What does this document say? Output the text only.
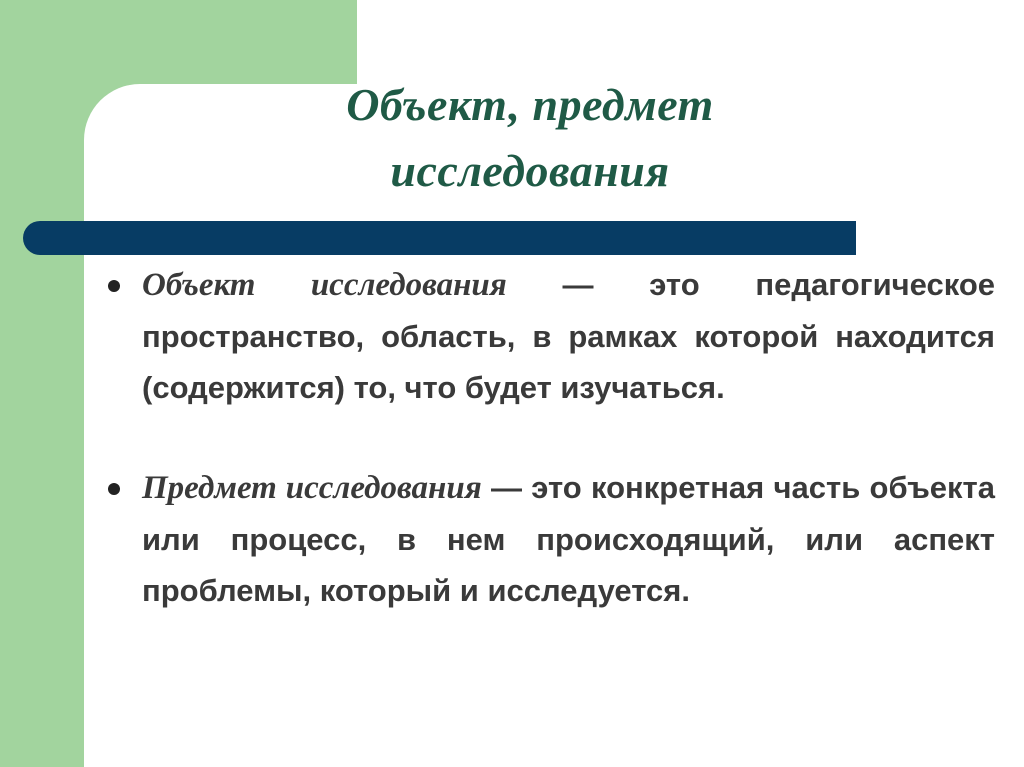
Объект, предмет
исследования

Объект исследования — это педагогическое пространство, область, в рамках которой находится (содержится) то, что будет изучаться.

Предмет исследования — это конкретная часть объекта или процесс, в нем происходящий, или аспект проблемы, который и исследуется.
